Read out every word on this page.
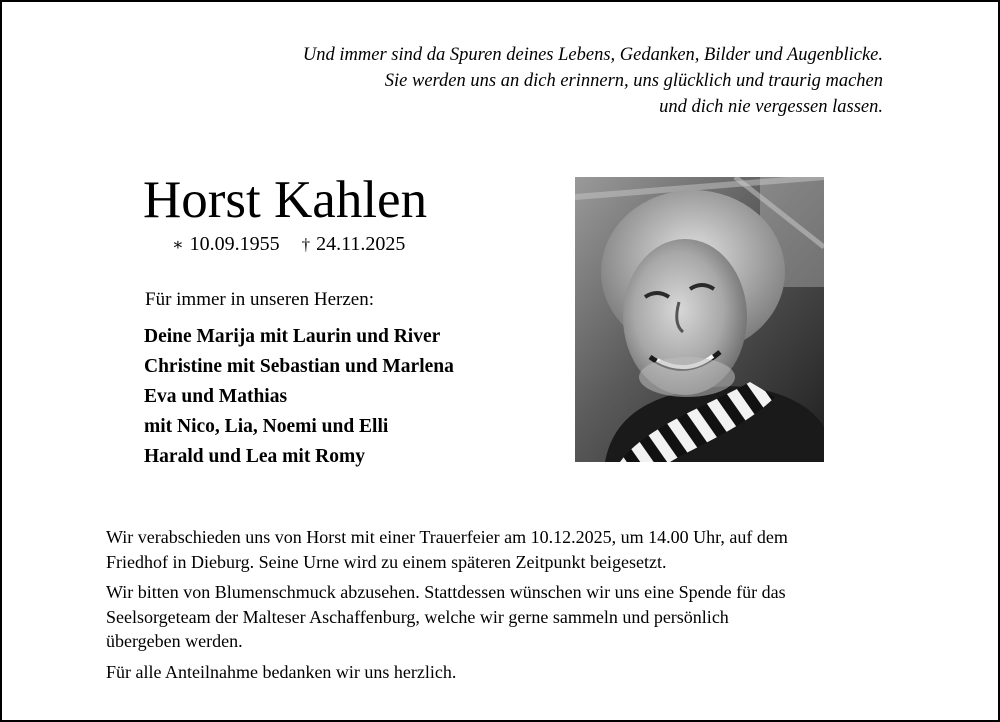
Und immer sind da Spuren deines Lebens, Gedanken, Bilder und Augenblicke.
Sie werden uns an dich erinnern, uns glücklich und traurig machen
und dich nie vergessen lassen.
Horst Kahlen
∗ 10.09.1955 † 24.11.2025
Für immer in unseren Herzen:
Deine Marija mit Laurin und River
Christine mit Sebastian und Marlena
Eva und Mathias
mit Nico, Lia, Noemi und Elli
Harald und Lea mit Romy

Wir verabschieden uns von Horst mit einer Trauerfeier am 10.12.2025, um 14.00 Uhr, auf dem
Friedhof in Dieburg. Seine Urne wird zu einem späteren Zeitpunkt beigesetzt.

Wir bitten von Blumenschmuck abzusehen. Stattdessen wünschen wir uns eine Spende für das
Seelsorgeteam der Malteser Aschaffenburg, welche wir gerne sammeln und persönlich
übergeben werden.

Für alle Anteilnahme bedanken wir uns herzlich.
